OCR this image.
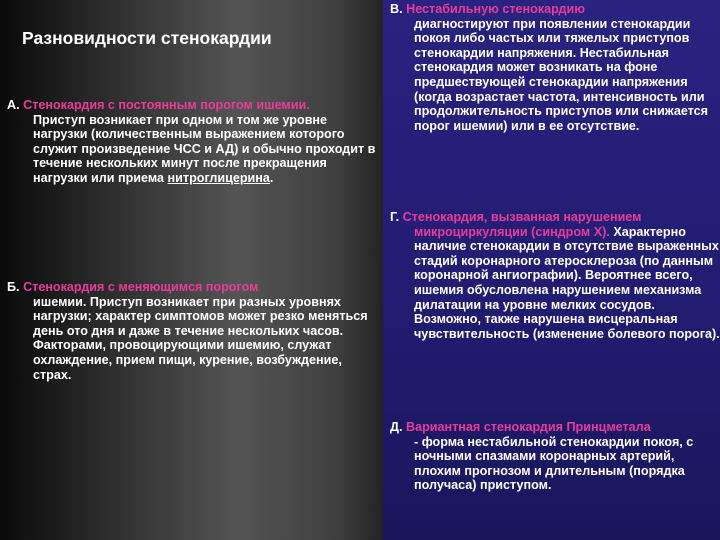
Разновидности стенокардии

А. Стенокардия с постоянным порогом ишемии.
Приступ возникает при одном и том же уровне нагрузки (количественным выражением которого служит произведение ЧСС и АД) и обычно проходит в течение нескольких минут после прекращения нагрузки или приема нитроглицерина.

Б. Стенокардия с меняющимся порогом
ишемии. Приступ возникает при разных уровнях нагрузки; характер симптомов может резко меняться день ото дня и даже в течение нескольких часов. Факторами, провоцирующими ишемию, служат охлаждение, прием пищи, курение, возбуждение, страх.

В. Нестабильную стенокардию
диагностируют при появлении стенокардии покоя либо частых или тяжелых приступов стенокардии напряжения. Нестабильная стенокардия может возникать на фоне предшествующей стенокардии напряжения (когда возрастает частота, интенсивность или продолжительность приступов или снижается порог ишемии) или в ее отсутствие.

Г. Стенокардия, вызванная нарушением
микроциркуляции (синдром Х). Характерно наличие стенокардии в отсутствие выраженных стадий коронарного атеросклероза (по данным коронарной ангиографии). Вероятнее всего, ишемия обусловлена нарушением механизма дилатации на уровне мелких сосудов. Возможно, также нарушена висцеральная чувствительность (изменение болевого порога).

Д. Вариантная стенокардия Принцметала
- форма нестабильной стенокардии покоя, с ночными спазмами коронарных артерий, плохим прогнозом и длительным (порядка получаса) приступом.
